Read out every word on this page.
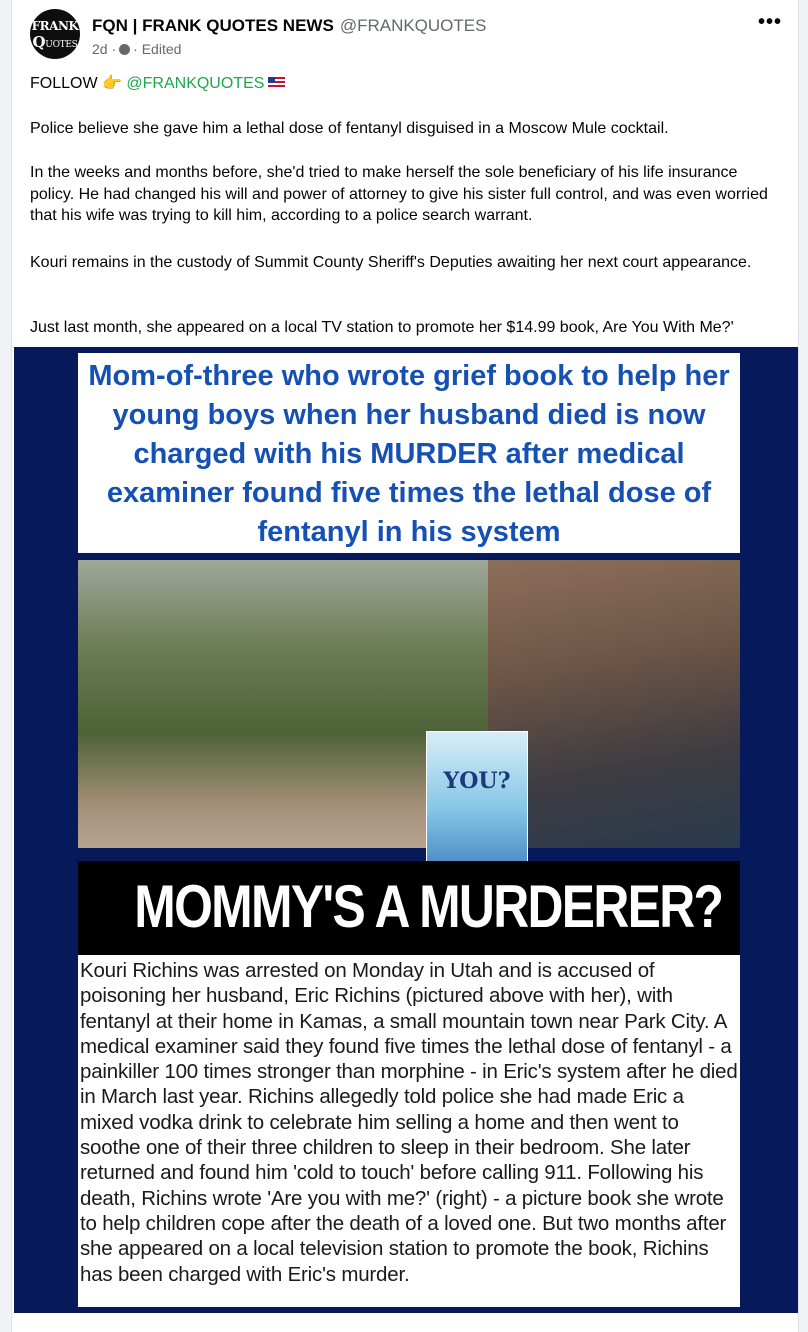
FRANK
QUOTES
FQN | FRANK QUOTES NEWS @FRANKQUOTES
2d · · Edited
•••
FOLLOW 👉 @FRANKQUOTES
Police believe she gave him a lethal dose of fentanyl disguised in a Moscow Mule cocktail.
In the weeks and months before, she'd tried to make herself the sole beneficiary of his life insurance policy. He had changed his will and power of attorney to give his sister full control, and was even worried that his wife was trying to kill him, according to a police search warrant.
Kouri remains in the custody of Summit County Sheriff's Deputies awaiting her next court appearance.
Just last month, she appeared on a local TV station to promote her $14.99 book, Are You With Me?'
Mom-of-three who wrote grief book to help her young boys when her husband died is now charged with his MURDER after medical examiner found five times the lethal dose of fentanyl in his system
YOU?
MOMMY'S A MURDERER?
Kouri Richins was arrested on Monday in Utah and is accused of poisoning her husband, Eric Richins (pictured above with her), with fentanyl at their home in Kamas, a small mountain town near Park City. A medical examiner said they found five times the lethal dose of fentanyl - a painkiller 100 times stronger than morphine - in Eric's system after he died in March last year. Richins allegedly told police she had made Eric a mixed vodka drink to celebrate him selling a home and then went to soothe one of their three children to sleep in their bedroom. She later returned and found him 'cold to touch' before calling 911. Following his death, Richins wrote 'Are you with me?' (right) - a picture book she wrote to help children cope after the death of a loved one. But two months after she appeared on a local television station to promote the book, Richins has been charged with Eric's murder.
